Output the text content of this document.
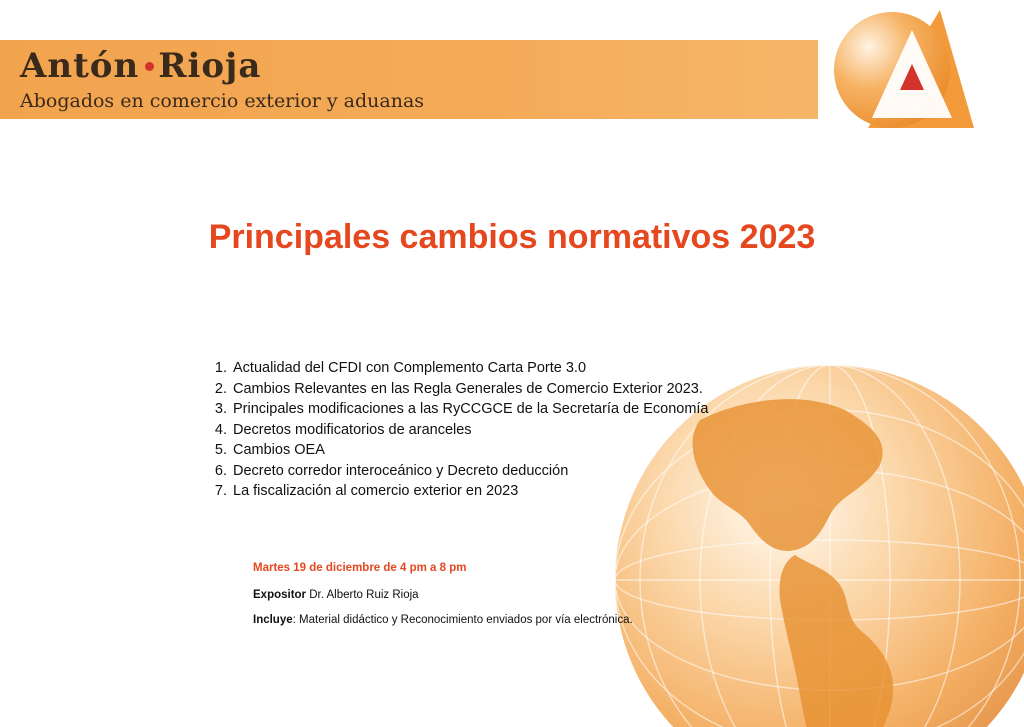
Antón Rioja

Abogados en comercio exterior y aduanas

Principales cambios normativos 2023
1. Actualidad del CFDI con Complemento Carta Porte 3.0
2. Cambios Relevantes en las Regla Generales de Comercio Exterior 2023.
3. Principales modificaciones a las RyCCGCE de la Secretaría de Economía
4. Decretos modificatorios de aranceles
5. Cambios OEA
6. Decreto corredor interoceánico y Decreto deducción
7. La fiscalización al comercio exterior en 2023
Martes 19 de diciembre de 4 pm a 8 pm
Expositor Dr. Alberto Ruiz Rioja
Incluye: Material didáctico y Reconocimiento enviados por vía electrónica.
